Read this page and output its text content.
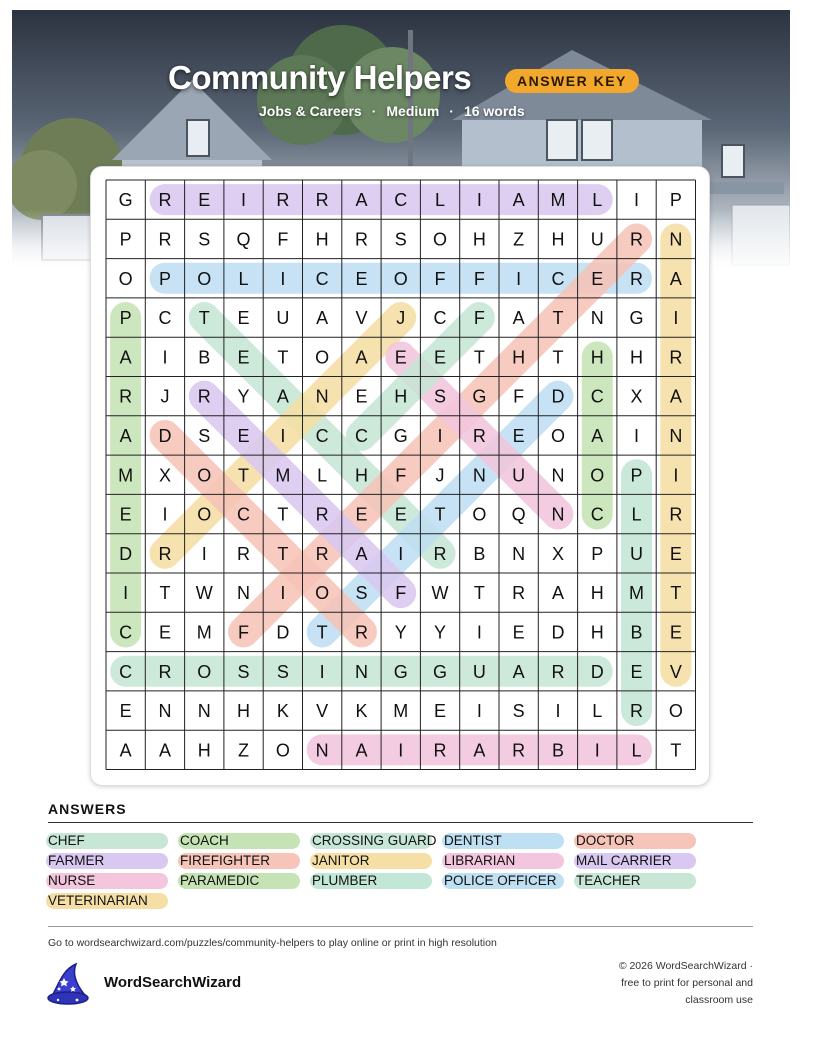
Community Helpers	ANSWER KEY
Jobs & Careers · Medium · 16 words
G R E I R R A C L I A M L I P
P R S Q F H R S O H Z H U R N
O P O L I C E O F F I C E R A
P C T E U A V J C F A T N G I
A I B E T O A E E T H T H H R
R J R Y A N E H S G F D C X A
A D S E I C C G I R E O A I N
M X O T M L H F J N U N O P I
E I O C T R E E T O Q N C L R
D R I R T R A I R B N X P U E
I T W N I O S F W T R A H M T
C E M F D T R Y Y I E D H B E
C R O S S I N G G U A R D E V
E N N H K V K M E I S I L R O
A A H Z O N A I R A R B I L T
ANSWERS
CHEF	COACH	CROSSING GUARD DENTIST	DOCTOR
FARMER	FIREFIGHTER	JANITOR	LIBRARIAN	MAIL CARRIER
NURSE	PARAMEDIC	PLUMBER	POLICE OFFICER TEACHER
VETERINARIAN
Go to wordsearchwizard.com/puzzles/community-helpers to play online or print in high resolution
WordSearchWizard
© 2026 WordSearchWizard ·
free to print for personal and
classroom use
